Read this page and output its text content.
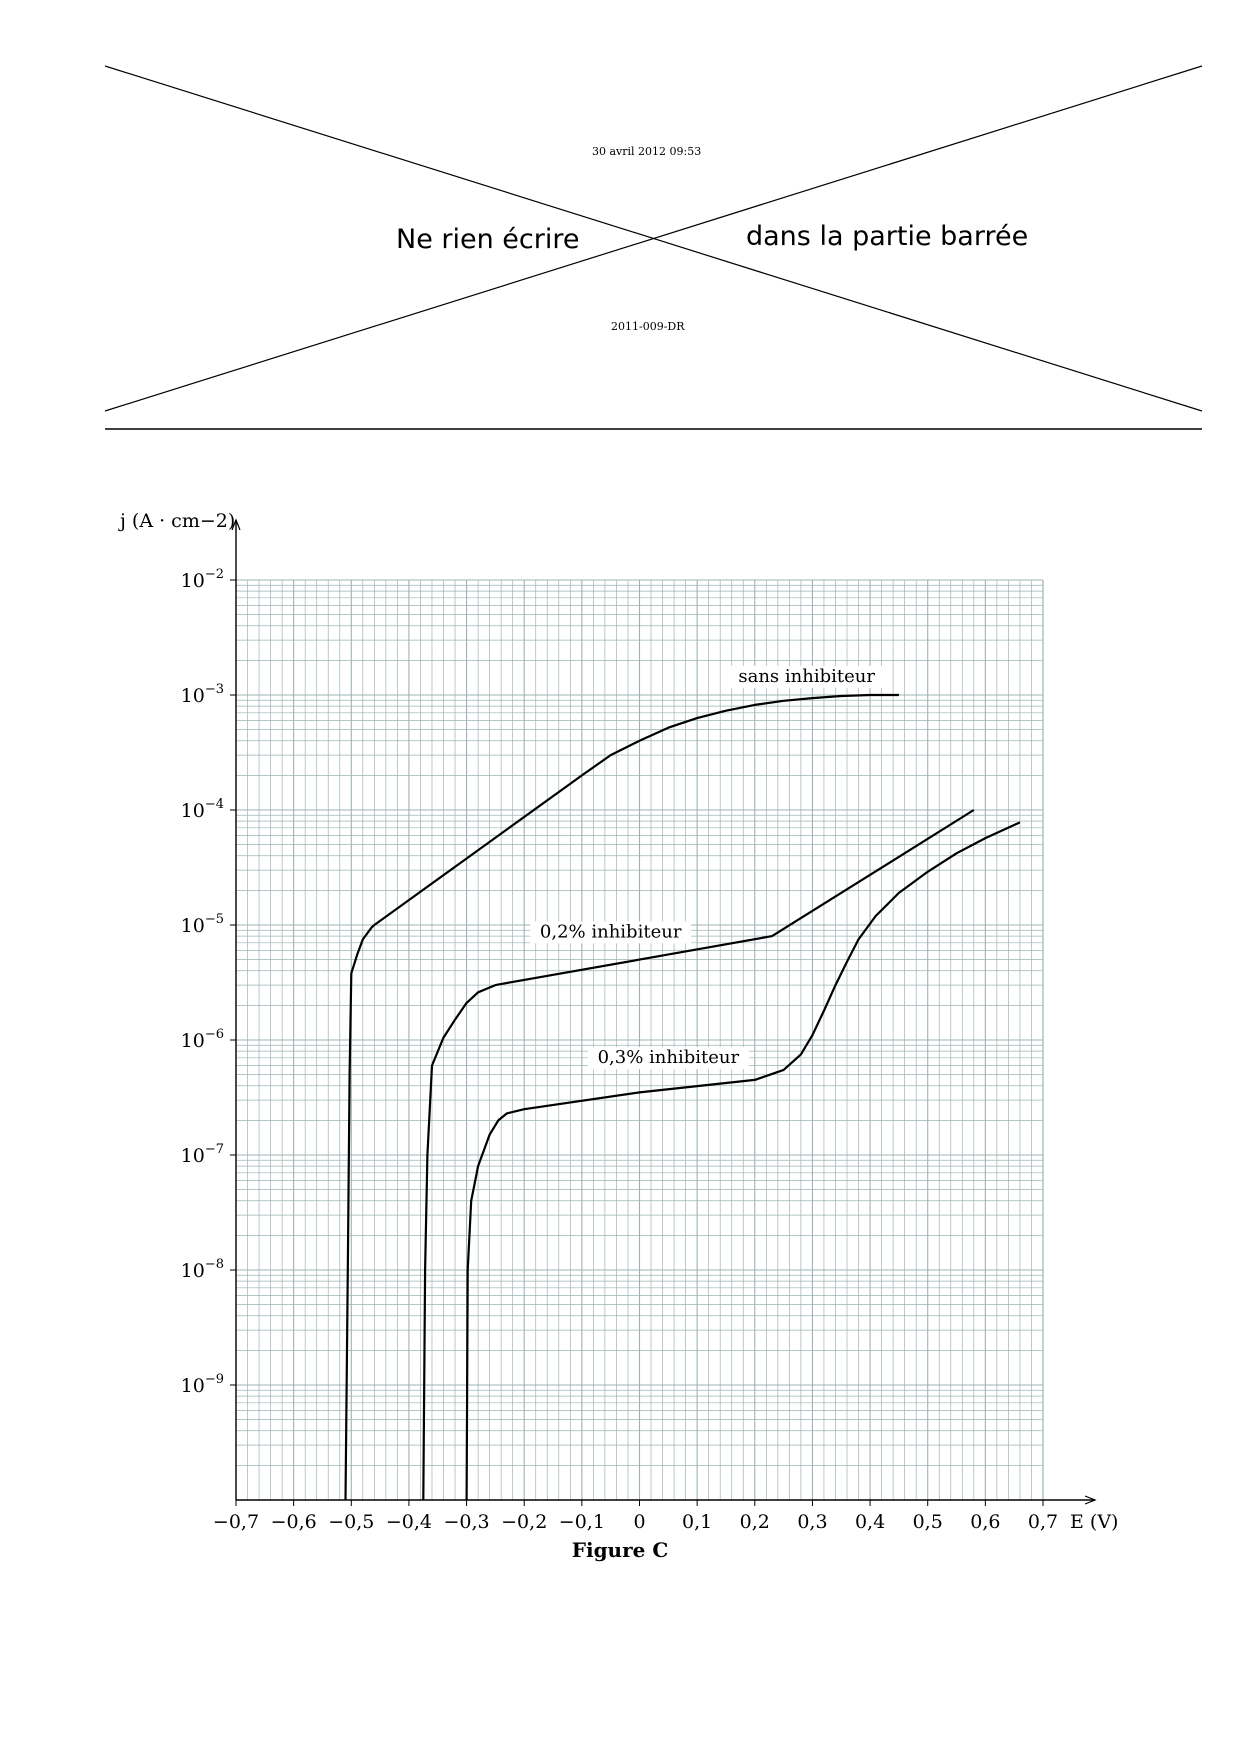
30 avril 2012 09:53
Ne rien écrire	dans la partie barrée
2011-009-DR
−0,7 −0,6 −0,5 −0,4 −0,3 −0,2 −0,1 0 0,1 0,2 0,3 0,4 0,5 0,6 0,7
$10^{-2}$
$10^{-3}$
$10^{-4}$
$10^{-5}$
$10^{-6}$
$10^{-7}$
$10^{-8}$
$10^{-9}$
j (A · cm−2)
E (V)
sans inhibiteur
0,2% inhibiteur
0,3% inhibiteur
Figure C
